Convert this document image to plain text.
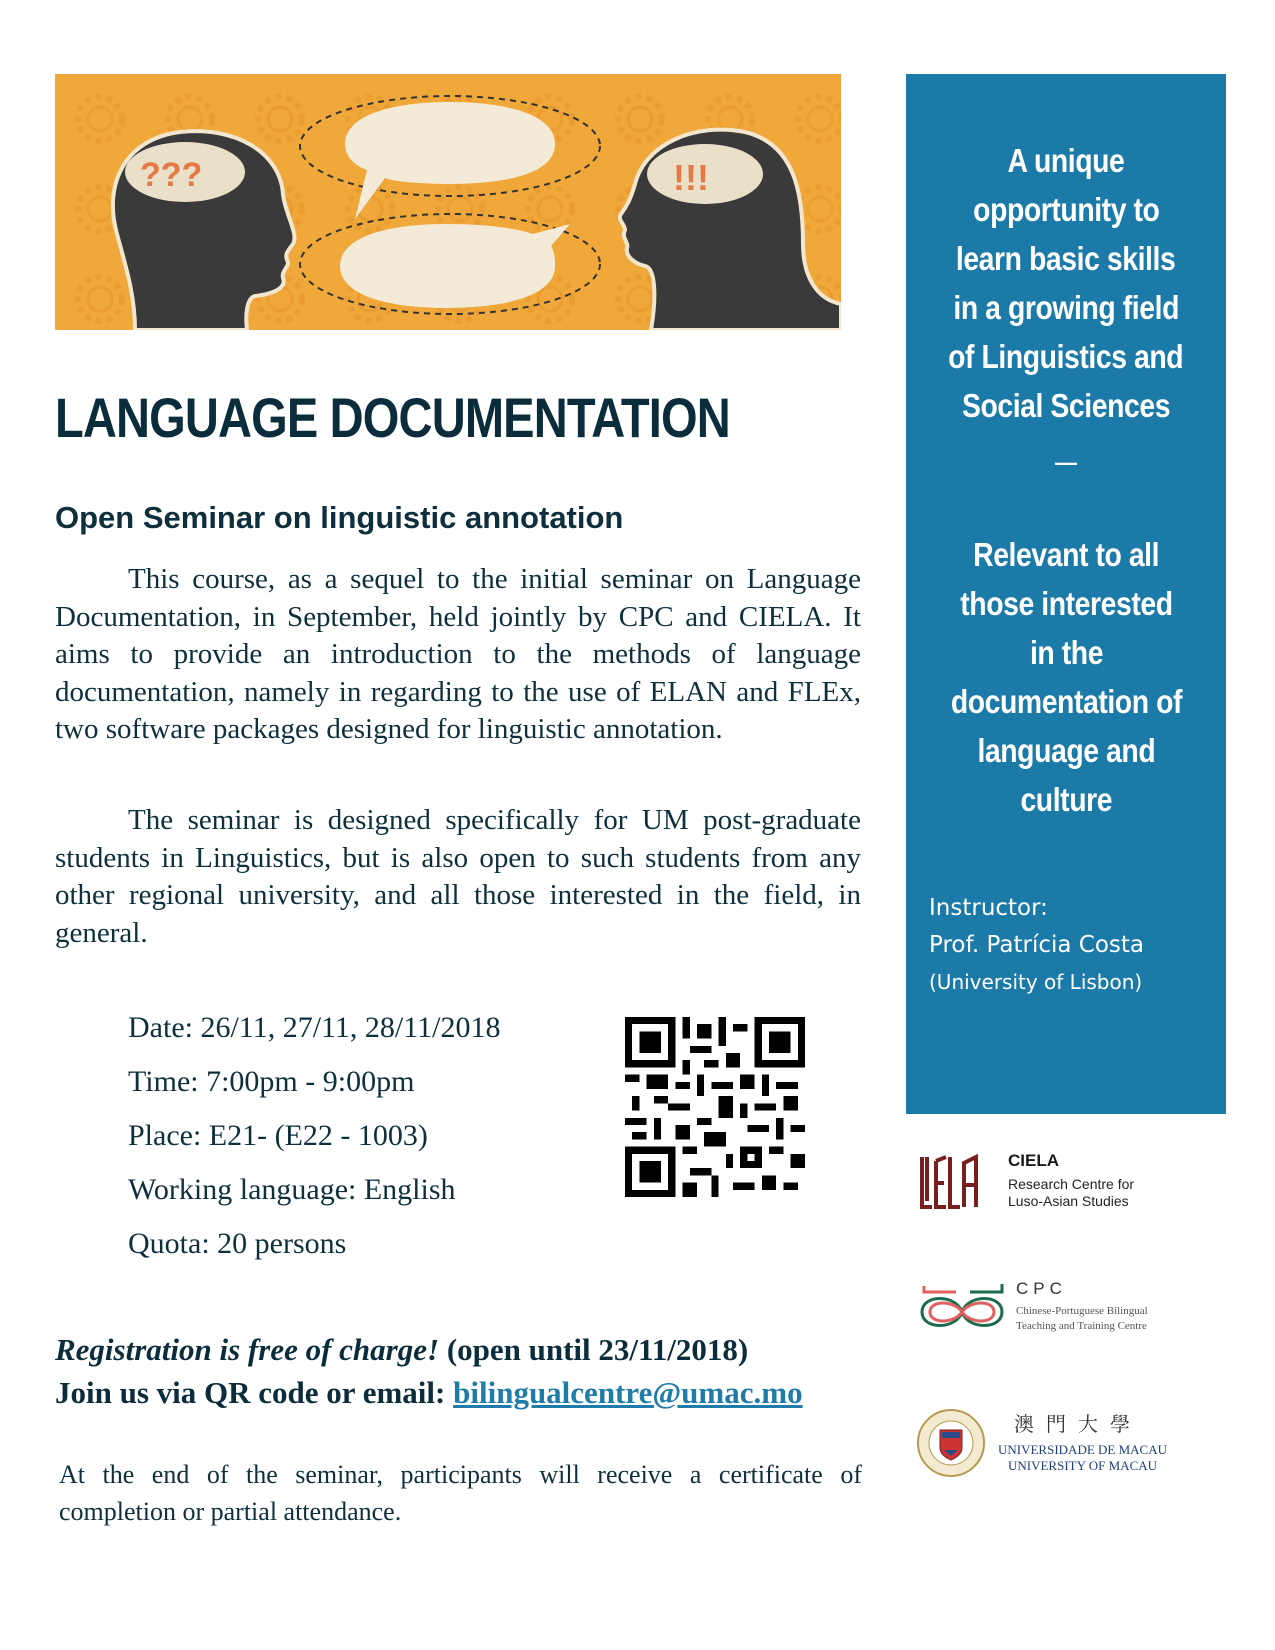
???	!!!
LANGUAGE DOCUMENTATION
Open Seminar on linguistic annotation
This course, as a sequel to the initial seminar on Language Documentation, in September, held jointly by CPC and CIELA. It aims to provide an introduction to the methods of language documentation, namely in regarding to the use of ELAN and FLEx, two software packages designed for linguistic annotation.
The seminar is designed specifically for UM post-graduate students in Linguistics, but is also open to such students from any other regional university, and all those interested in the field, in general.
Date: 26/11, 27/11, 28/11/2018
Time: 7:00pm - 9:00pm
Place: E21- (E22 - 1003)
Working language: English
Quota: 20 persons
Registration is free of charge! (open until 23/11/2018)
Join us via QR code or email: bilingualcentre@umac.mo
At the end of the seminar, participants will receive a certificate of completion or partial attendance.
A unique
opportunity to
learn basic skills
in a growing field
of Linguistics and
Social Sciences
—
Relevant to all
those interested
in the
documentation of
language and
culture
Instructor:
Prof. Patrícia Costa
(University of Lisbon)
CIELA
Research Centre for
Luso-Asian Studies
CPC
Chinese-Portuguese Bilingual
Teaching and Training Centre
澳門大學
UNIVERSIDADE DE MACAU
UNIVERSITY OF MACAU
